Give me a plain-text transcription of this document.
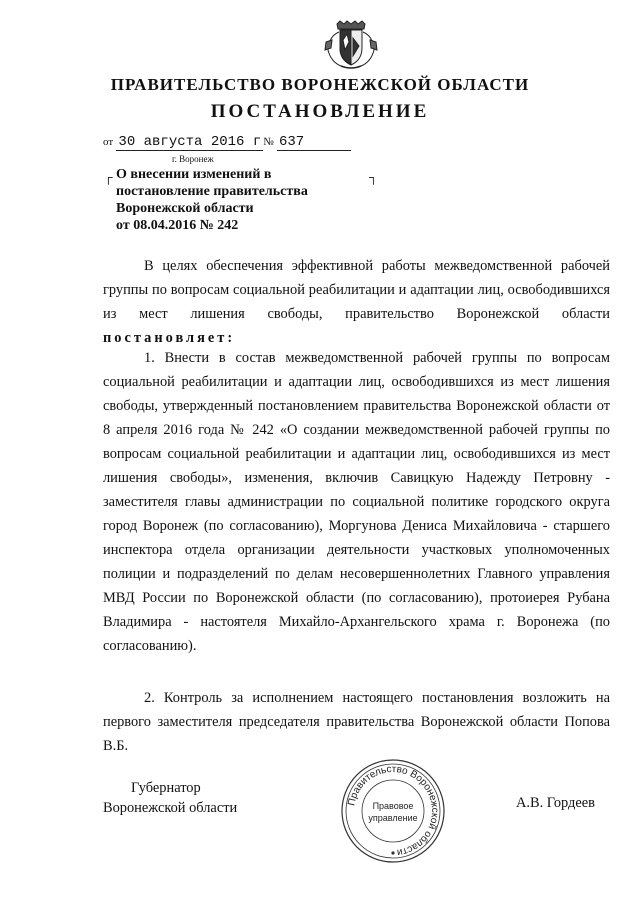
ПРАВИТЕЛЬСТВО ВОРОНЕЖСКОЙ ОБЛАСТИ
ПОСТАНОВЛЕНИЕ
от 30 августа 2016 г № 637
г. Воронеж
┌	┐
О внесении изменений в
постановление правительства
Воронежской области
от 08.04.2016 № 242

В целях обеспечения эффективной работы межведомственной рабочей группы по вопросам социальной реабилитации и адаптации лиц, освободившихся из мест лишения свободы, правительство Воронежской области постановляет:

1. Внести в состав межведомственной рабочей группы по вопросам социальной реабилитации и адаптации лиц, освободившихся из мест лишения свободы, утвержденный постановлением правительства Воронежской области от 8 апреля 2016 года № 242 «О создании межведомственной рабочей группы по вопросам социальной реабилитации и адаптации лиц, освободившихся из мест лишения свободы», изменения, включив Савицкую Надежду Петровну - заместителя главы администрации по социальной политике городского округа город Воронеж (по согласованию), Моргунова Дениса Михайловича - старшего инспектора отдела организации деятельности участковых уполномоченных полиции и подразделений по делам несовершеннолетних Главного управления МВД России по Воронежской области (по согласованию), протоиерея Рубана Владимира - настоятеля Михайло-Архангельского храма г. Воронежа (по согласованию).

2. Контроль за исполнением настоящего постановления возложить на первого заместителя председателя правительства Воронежской области Попова В.Б.

Губернатор
Воронежской области	Правительство Воронежской области
Правовое
управление
А.В. Гордеев
